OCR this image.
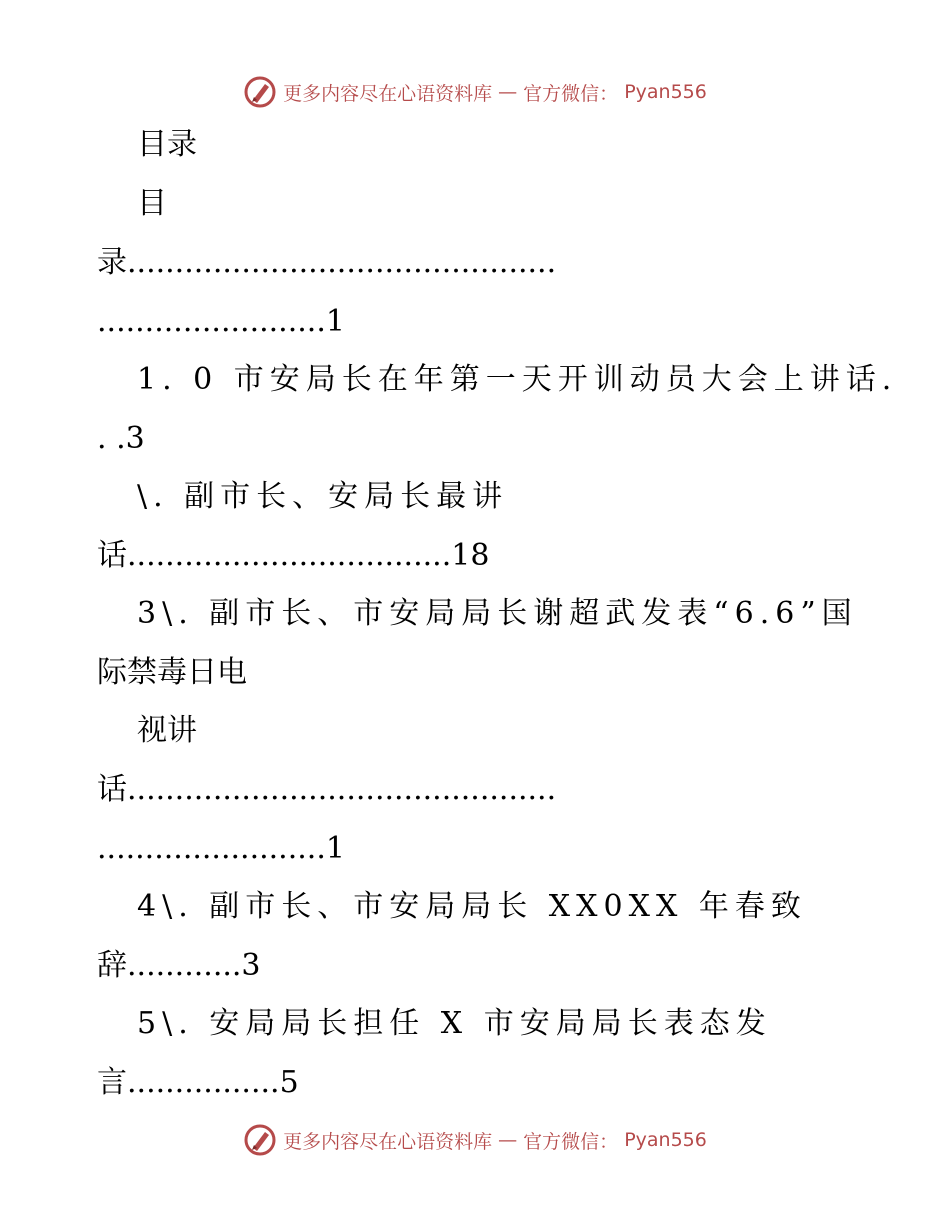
更多内容尽在心语资料库 — 官方微信： Pyan556
目录
目
录.............................................
........................1
1. 0 市安局长在年第一天开训动员大会上讲话.
. .3
\. 副市长、安局长最讲
话..................................18
3\. 副市长、市安局局长谢超武发表“6.6”国
际禁毒日电
视讲
话.............................................
........................1
4\. 副市长、市安局局长 XX0XX 年春致
辞............3
5\. 安局局长担任 X 市安局局长表态发
言................5
更多内容尽在心语资料库 — 官方微信： Pyan556
